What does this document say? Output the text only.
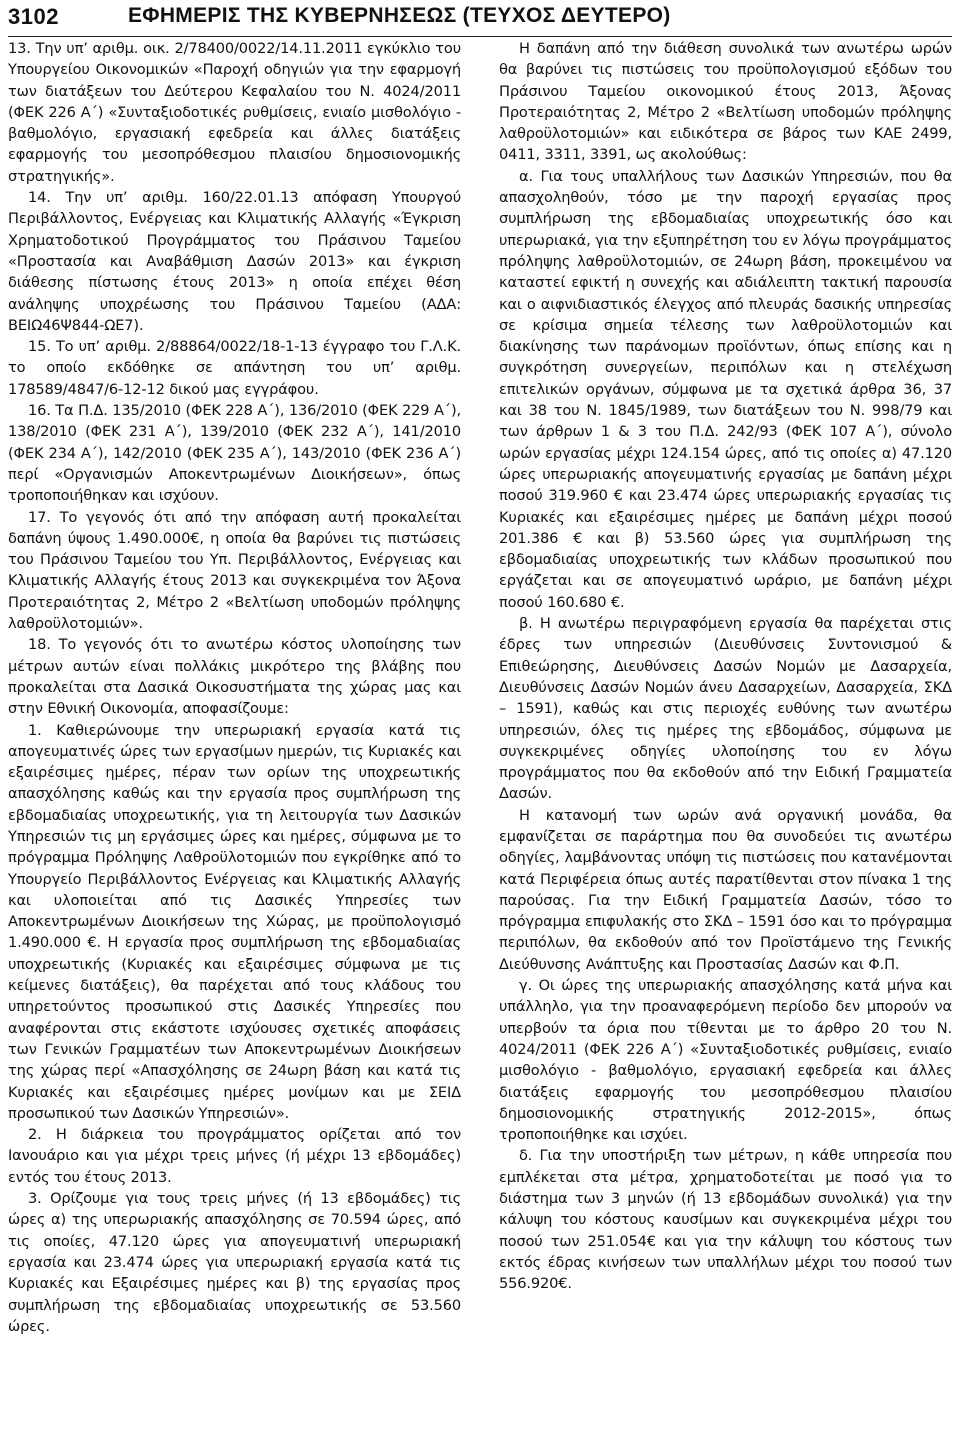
3102	ΕΦΗΜΕΡΙΣ ΤΗΣ ΚΥΒΕΡΝΗΣΕΩΣ (ΤΕΥΧΟΣ ΔΕΥΤΕΡΟ)

13. Την υπ’ αριθμ. οικ. 2/78400/0022/14.11.2011 εγκύκλιο του Υπουργείου Οικονομικών «Παροχή οδηγιών για την εφαρμογή των διατάξεων του Δεύτερου Κεφαλαίου του Ν. 4024/2011 (ΦΕΚ 226 Α΄) «Συνταξιοδοτικές ρυθμίσεις, ενιαίο μισθολόγιο - βαθμολόγιο, εργασιακή εφεδρεία και άλλες διατάξεις εφαρμογής του μεσοπρόθεσμου πλαισίου δημοσιονομικής στρατηγικής».

14. Την υπ’ αριθμ. 160/22.01.13 απόφαση Υπουργού Περιβάλλοντος, Ενέργειας και Κλιματικής Αλλαγής «Έγκριση Χρηματοδοτικού Προγράμματος του Πράσινου Ταμείου «Προστασία και Αναβάθμιση Δασών 2013» και έγκριση διάθεσης πίστωσης έτους 2013» η οποία επέχει θέση ανάληψης υποχρέωσης του Πράσινου Ταμείου (ΑΔΑ: ΒΕΙΩ46Ψ844-ΩΕ7).

15. Το υπ’ αριθμ. 2/88864/0022/18-1-13 έγγραφο του Γ.Λ.Κ. το οποίο εκδόθηκε σε απάντηση του υπ’ αριθμ. 178589/4847/6-12-12 δικού μας εγγράφου.

16. Τα Π.Δ. 135/2010 (ΦΕΚ 228 Α΄), 136/2010 (ΦΕΚ 229 Α΄), 138/2010 (ΦΕΚ 231 Α΄), 139/2010 (ΦΕΚ 232 Α΄), 141/2010 (ΦΕΚ 234 Α΄), 142/2010 (ΦΕΚ 235 Α΄), 143/2010 (ΦΕΚ 236 Α΄) περί «Οργανισμών Αποκεντρωμένων Διοικήσεων», όπως τροποποιήθηκαν και ισχύουν.

17. Το γεγονός ότι από την απόφαση αυτή προκαλείται δαπάνη ύψους 1.490.000€, η οποία θα βαρύνει τις πιστώσεις του Πράσινου Ταμείου του Υπ. Περιβάλλοντος, Ενέργειας και Κλιματικής Αλλαγής έτους 2013 και συγκεκριμένα τον Άξονα Προτεραιότητας 2, Μέτρο 2 «Βελτίωση υποδομών πρόληψης λαθροϋλοτομιών».

18. Το γεγονός ότι το ανωτέρω κόστος υλοποίησης των μέτρων αυτών είναι πολλάκις μικρότερο της βλάβης που προκαλείται στα Δασικά Οικοσυστήματα της χώρας μας και στην Εθνική Οικονομία, αποφασίζουμε:

1. Καθιερώνουμε την υπερωριακή εργασία κατά τις απογευματινές ώρες των εργασίμων ημερών, τις Κυριακές και εξαιρέσιμες ημέρες, πέραν των ορίων της υποχρεωτικής απασχόλησης καθώς και την εργασία προς συμπλήρωση της εβδομαδιαίας υποχρεωτικής, για τη λειτουργία των Δασικών Υπηρεσιών τις μη εργάσιμες ώρες και ημέρες, σύμφωνα με το πρόγραμμα Πρόληψης Λαθροϋλοτομιών που εγκρίθηκε από το Υπουργείο Περιβάλλοντος Ενέργειας και Κλιματικής Αλλαγής και υλοποιείται από τις Δασικές Υπηρεσίες των Αποκεντρωμένων Διοικήσεων της Χώρας, με προϋπολογισμό 1.490.000 €. Η εργασία προς συμπλήρωση της εβδομαδιαίας υποχρεωτικής (Κυριακές και εξαιρέσιμες σύμφωνα με τις κείμενες διατάξεις), θα παρέχεται από τους κλάδους του υπηρετούντος προσωπικού στις Δασικές Υπηρεσίες που αναφέρονται στις εκάστοτε ισχύουσες σχετικές αποφάσεις των Γενικών Γραμματέων των Αποκεντρωμένων Διοικήσεων της χώρας περί «Απασχόλησης σε 24ωρη βάση και κατά τις Κυριακές και εξαιρέσιμες ημέρες μονίμων και με ΣΕΙΔ προσωπικού των Δασικών Υπηρεσιών».

2. Η διάρκεια του προγράμματος ορίζεται από τον Ιανουάριο και για μέχρι τρεις μήνες (ή μέχρι 13 εβδομάδες) εντός του έτους 2013.

3. Ορίζουμε για τους τρεις μήνες (ή 13 εβδομάδες) τις ώρες α) της υπερωριακής απασχόλησης σε 70.594 ώρες, από τις οποίες, 47.120 ώρες για απογευματινή υπερωριακή εργασία και 23.474 ώρες για υπερωριακή εργασία κατά τις Κυριακές και Εξαιρέσιμες ημέρες και β) της εργασίας προς συμπλήρωση της εβδομαδιαίας υποχρεωτικής σε 53.560 ώρες.

Η δαπάνη από την διάθεση συνολικά των ανωτέρω ωρών θα βαρύνει τις πιστώσεις του προϋπολογισμού εξόδων του Πράσινου Ταμείου οικονομικού έτους 2013, Άξονας Προτεραιότητας 2, Μέτρο 2 «Βελτίωση υποδομών πρόληψης λαθροϋλοτομιών» και ειδικότερα σε βάρος των ΚΑΕ 2499, 0411, 3311, 3391, ως ακολούθως:

α. Για τους υπαλλήλους των Δασικών Υπηρεσιών, που θα απασχοληθούν, τόσο με την παροχή εργασίας προς συμπλήρωση της εβδομαδιαίας υποχρεωτικής όσο και υπερωριακά, για την εξυπηρέτηση του εν λόγω προγράμματος πρόληψης λαθροϋλοτομιών, σε 24ωρη βάση, προκειμένου να καταστεί εφικτή η συνεχής και αδιάλειπτη τακτική παρουσία και ο αιφνιδιαστικός έλεγχος από πλευράς δασικής υπηρεσίας σε κρίσιμα σημεία τέλεσης των λαθροϋλοτομιών και διακίνησης των παράνομων προϊόντων, όπως επίσης και η συγκρότηση συνεργείων, περιπόλων και η στελέχωση επιτελικών οργάνων, σύμφωνα με τα σχετικά άρθρα 36, 37 και 38 του Ν. 1845/1989, των διατάξεων του Ν. 998/79 και των άρθρων 1 & 3 του Π.Δ. 242/93 (ΦΕΚ 107 Α΄), σύνολο ωρών εργασίας μέχρι 124.154 ώρες, από τις οποίες α) 47.120 ώρες υπερωριακής απογευματινής εργασίας με δαπάνη μέχρι ποσού 319.960 € και 23.474 ώρες υπερωριακής εργασίας τις Κυριακές και εξαιρέσιμες ημέρες με δαπάνη μέχρι ποσού 201.386 € και β) 53.560 ώρες για συμπλήρωση της εβδομαδιαίας υποχρεωτικής των κλάδων προσωπικού που εργάζεται και σε απογευματινό ωράριο, με δαπάνη μέχρι ποσού 160.680 €.

β. Η ανωτέρω περιγραφόμενη εργασία θα παρέχεται στις έδρες των υπηρεσιών (Διευθύνσεις Συντονισμού & Επιθεώρησης, Διευθύνσεις Δασών Νομών με Δασαρχεία, Διευθύνσεις Δασών Νομών άνευ Δασαρχείων, Δασαρχεία, ΣΚΔ – 1591), καθώς και στις περιοχές ευθύνης των ανωτέρω υπηρεσιών, όλες τις ημέρες της εβδομάδος, σύμφωνα με συγκεκριμένες οδηγίες υλοποίησης του εν λόγω προγράμματος που θα εκδοθούν από την Ειδική Γραμματεία Δασών.

Η κατανομή των ωρών ανά οργανική μονάδα, θα εμφανίζεται σε παράρτημα που θα συνοδεύει τις ανωτέρω οδηγίες, λαμβάνοντας υπόψη τις πιστώσεις που κατανέμονται κατά Περιφέρεια όπως αυτές παρατίθενται στον πίνακα 1 της παρούσας. Για την Ειδική Γραμματεία Δασών, τόσο το πρόγραμμα επιφυλακής στο ΣΚΔ – 1591 όσο και το πρόγραμμα περιπόλων, θα εκδοθούν από τον Προϊστάμενο της Γενικής Διεύθυνσης Ανάπτυξης και Προστασίας Δασών και Φ.Π.

γ. Οι ώρες της υπερωριακής απασχόλησης κατά μήνα και υπάλληλο, για την προαναφερόμενη περίοδο δεν μπορούν να υπερβούν τα όρια που τίθενται με το άρθρο 20 του Ν. 4024/2011 (ΦΕΚ 226 Α΄) «Συνταξιοδοτικές ρυθμίσεις, ενιαίο μισθολόγιο - βαθμολόγιο, εργασιακή εφεδρεία και άλλες διατάξεις εφαρμογής του μεσοπρόθεσμου πλαισίου δημοσιονομικής στρατηγικής 2012-2015», όπως τροποποιήθηκε και ισχύει.

δ. Για την υποστήριξη των μέτρων, η κάθε υπηρεσία που εμπλέκεται στα μέτρα, χρηματοδοτείται με ποσό για το διάστημα των 3 μηνών (ή 13 εβδομάδων συνολικά) για την κάλυψη του κόστους καυσίμων και συγκεκριμένα μέχρι του ποσού των 251.054€ και για την κάλυψη του κόστους των εκτός έδρας κινήσεων των υπαλλήλων μέχρι του ποσού των 556.920€.
